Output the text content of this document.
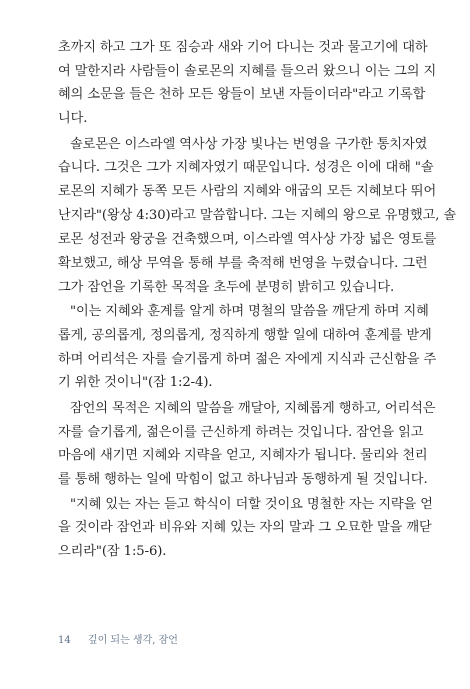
초까지 하고 그가 또 짐승과 새와 기어 다니는 것과 물고기에 대하
여 말한지라 사람들이 솔로몬의 지혜를 들으러 왔으니 이는 그의 지
혜의 소문을 들은 천하 모든 왕들이 보낸 자들이더라"라고 기록합
니다.
솔로몬은 이스라엘 역사상 가장 빛나는 번영을 구가한 통치자였
습니다. 그것은 그가 지혜자였기 때문입니다. 성경은 이에 대해 "솔
로몬의 지혜가 동쪽 모든 사람의 지혜와 애굽의 모든 지혜보다 뛰어
난지라"(왕상 4:30)라고 말씀합니다. 그는 지혜의 왕으로 유명했고, 솔
로몬 성전과 왕궁을 건축했으며, 이스라엘 역사상 가장 넓은 영토를
확보했고, 해상 무역을 통해 부를 축적해 번영을 누렸습니다. 그런
그가 잠언을 기록한 목적을 초두에 분명히 밝히고 있습니다.
"이는 지혜와 훈계를 알게 하며 명철의 말씀을 깨닫게 하며 지혜
롭게, 공의롭게, 정의롭게, 정직하게 행할 일에 대하여 훈계를 받게
하며 어리석은 자를 슬기롭게 하며 젊은 자에게 지식과 근신함을 주
기 위한 것이니"(잠 1:2-4).
잠언의 목적은 지혜의 말씀을 깨달아, 지혜롭게 행하고, 어리석은
자를 슬기롭게, 젊은이를 근신하게 하려는 것입니다. 잠언을 읽고
마음에 새기면 지혜와 지략을 얻고, 지혜자가 됩니다. 물리와 천리
를 통해 행하는 일에 막힘이 없고 하나님과 동행하게 될 것입니다.
"지혜 있는 자는 듣고 학식이 더할 것이요 명철한 자는 지략을 얻
을 것이라 잠언과 비유와 지혜 있는 자의 말과 그 오묘한 말을 깨닫
으리라"(잠 1:5-6).
14 깊이 되는 생각, 잠언
